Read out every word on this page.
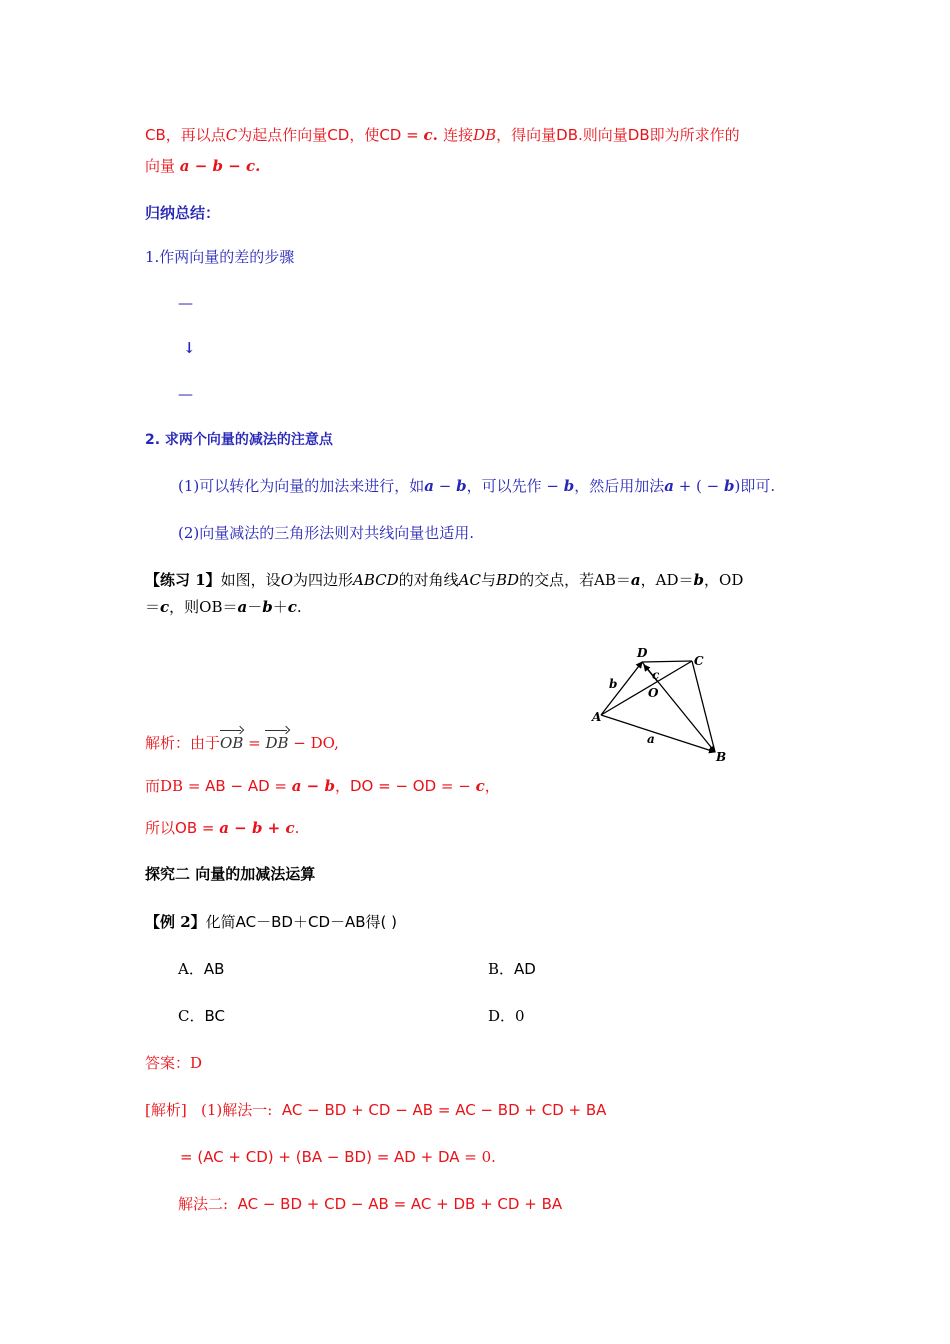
CB，再以点C为起点作向量CD，使CD = c. 连接DB，得向量DB.则向量DB即为所求作的
向量 a − b − c.
归纳总结：
1.作两向量的差的步骤
—
↓
—
2. 求两个向量的减法的注意点
(1)可以转化为向量的加法来进行，如a − b，可以先作 − b，然后用加法a + ( − b)即可.
(2)向量减法的三角形法则对共线向量也适用.
【练习 1】如图，设O为四边形ABCD的对角线AC与BD的交点，若AB＝a，AD＝b，OD
＝c，则OB＝a－b＋c.
D
C
A
B
O
c
b
a
解析：由于OB = DB − DO,
而DB = AB − AD = a − b，DO = − OD = − c，
所以OB = a − b + c.
探究二 向量的加减法运算
【例 2】化简AC－BD＋CD－AB得( )
A．AB	B．AD
C．BC	D．0
答案：D
[解析] (1)解法一: AC − BD + CD − AB = AC − BD + CD + BA
= (AC + CD) + (BA − BD) = AD + DA = 0.
解法二: AC − BD + CD − AB = AC + DB + CD + BA
